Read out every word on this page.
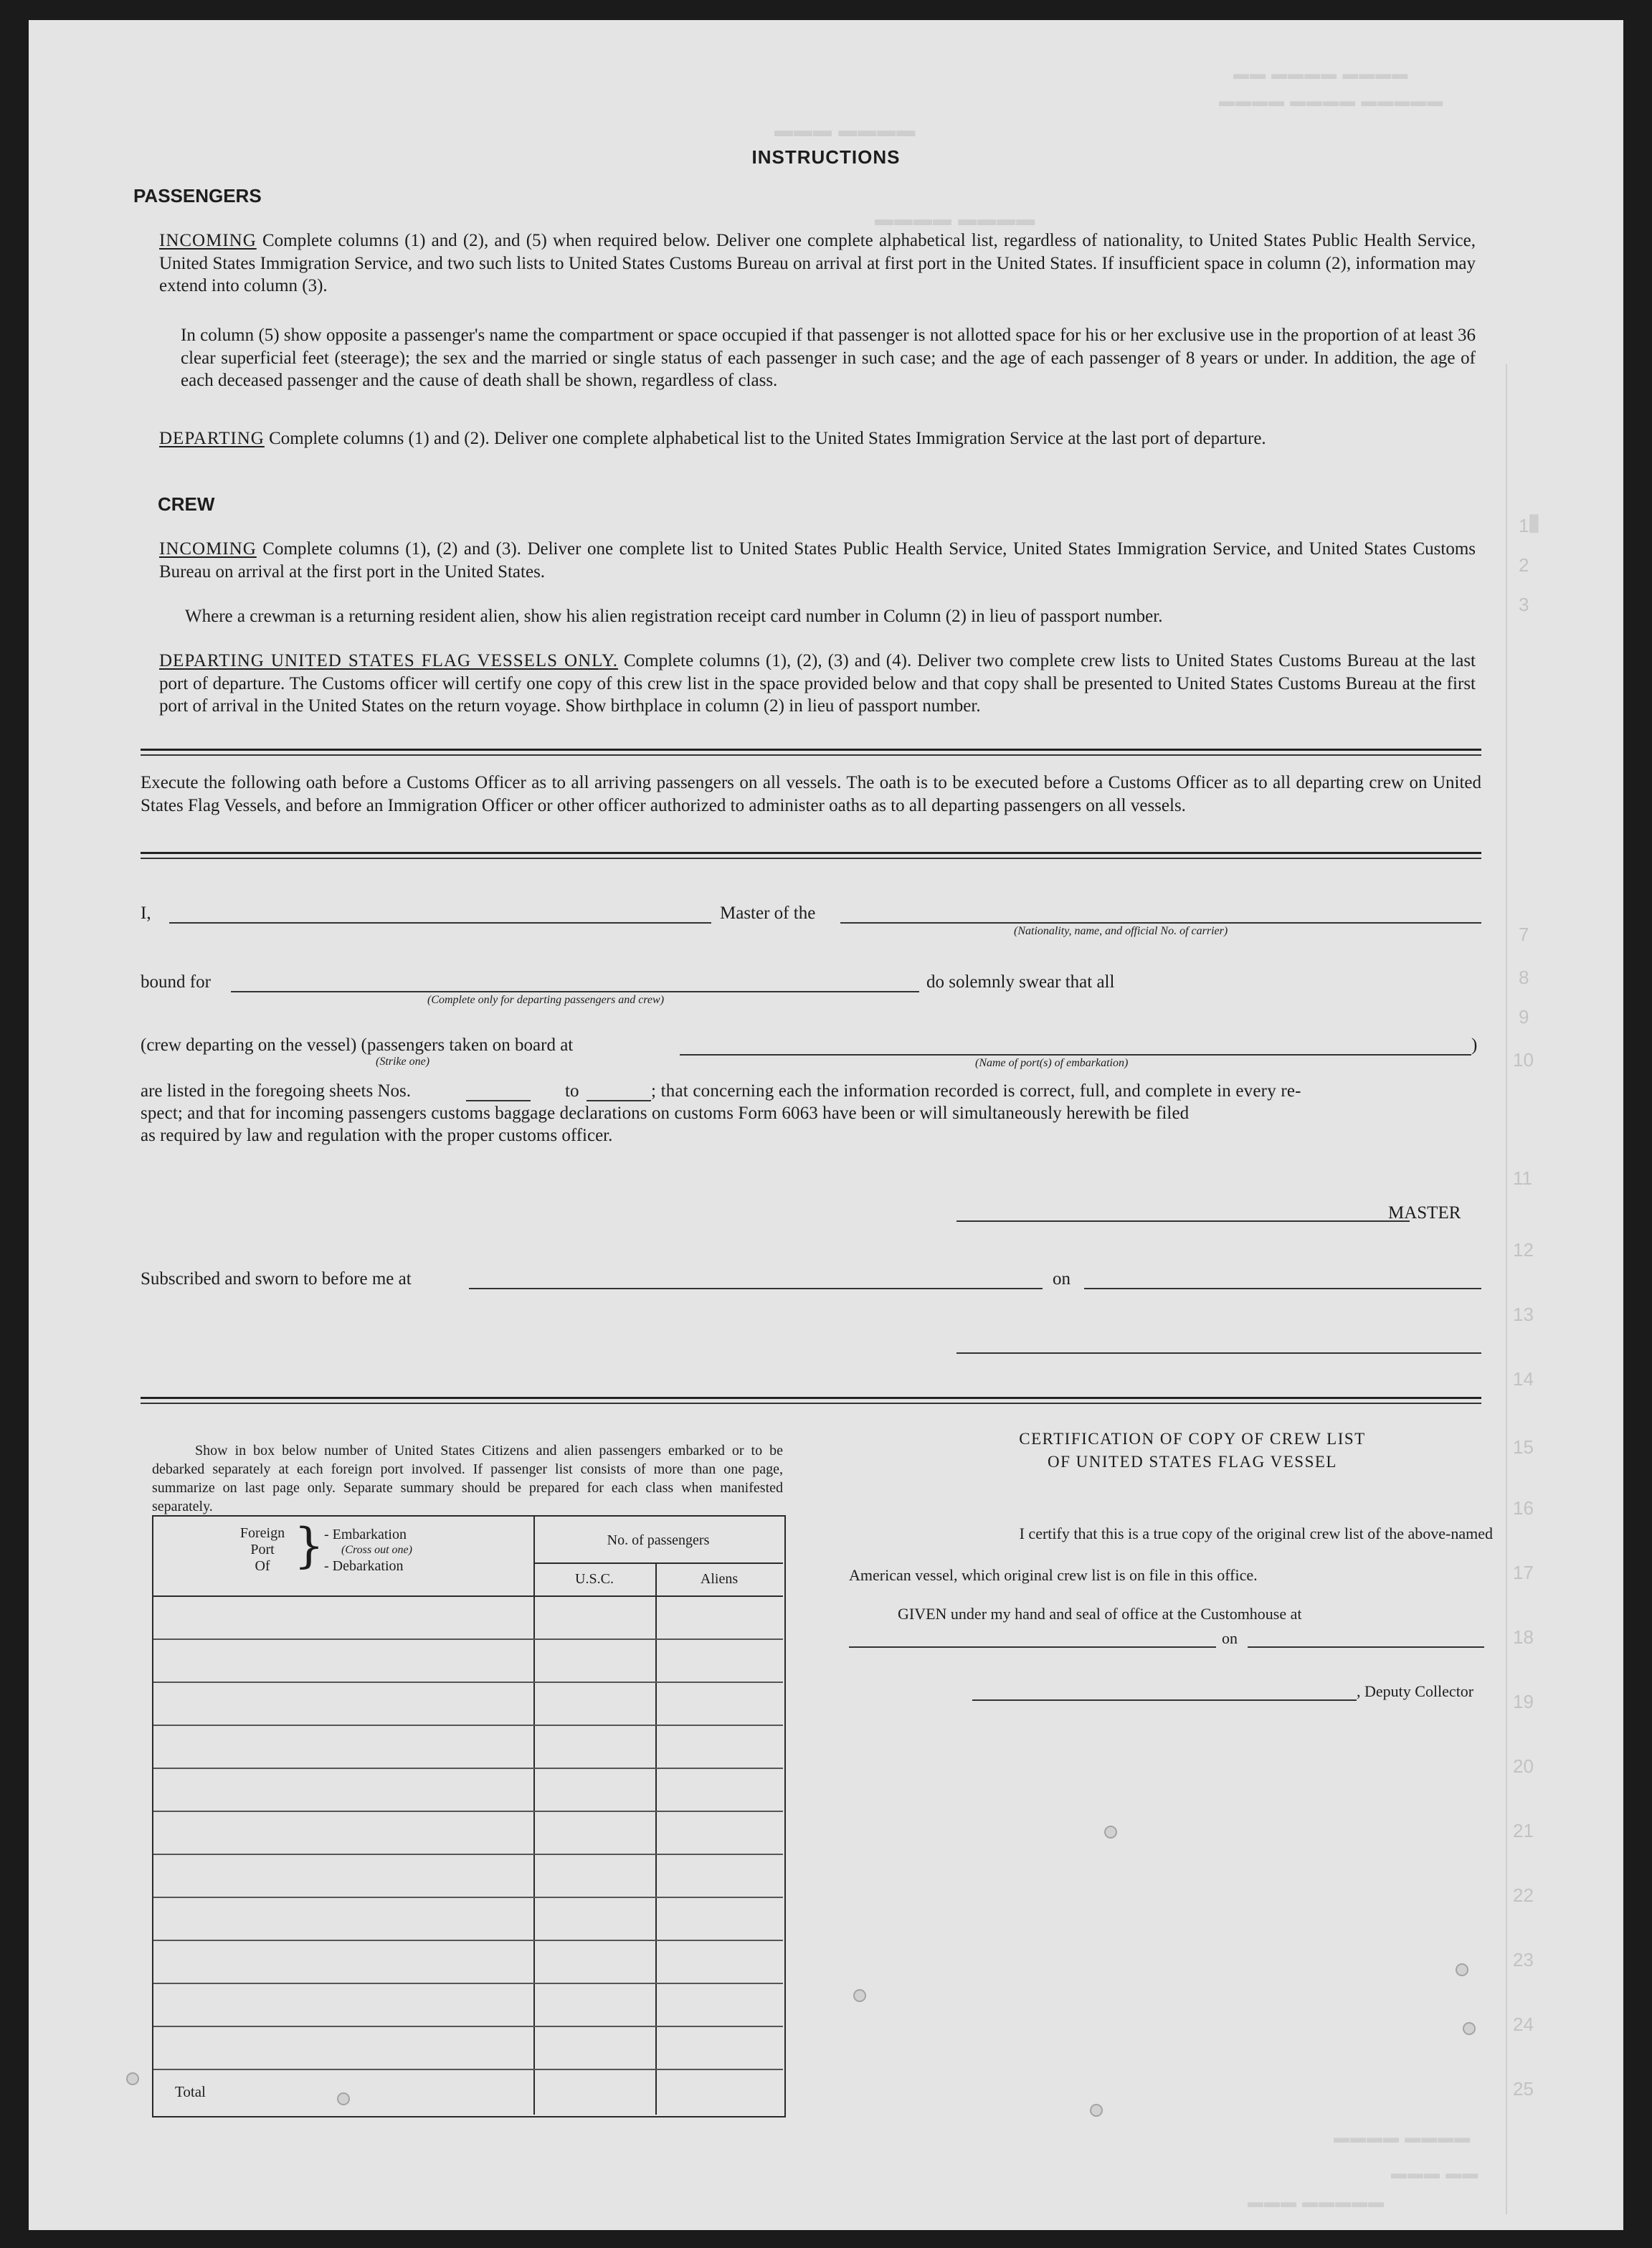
▬▬▬ ▬▬▬▬
▬▬ ▬▬▬▬ ▬▬▬▬
▬▬▬▬ ▬▬▬▬ ▬▬▬▬▬
▬▬▬▬ ▬▬▬▬
▮
1
2
3
7
8
9
10
11
12
13
14
15
16
17
18
19
20
21
22
23
24
25
INSTRUCTIONS
PASSENGERS
INCOMING Complete columns (1) and (2), and (5) when required below. Deliver one complete alphabetical list, regardless of nationality, to United States Public Health Service, United States Immigration Service, and two such lists to United States Customs Bureau on arrival at first port in the United States. If insufficient space in column (2), information may extend into column (3).
In column (5) show opposite a passenger's name the compartment or space occupied if that passenger is not allotted space for his or her exclusive use in the proportion of at least 36 clear superficial feet (steerage); the sex and the married or single status of each passenger in such case; and the age of each passenger of 8 years or under. In addition, the age of each deceased passenger and the cause of death shall be shown, regardless of class.
DEPARTING Complete columns (1) and (2). Deliver one complete alphabetical list to the United States Immigration Service at the last port of departure.
CREW
INCOMING Complete columns (1), (2) and (3). Deliver one complete list to United States Public Health Service, United States Immigration Service, and United States Customs Bureau on arrival at the first port in the United States.
Where a crewman is a returning resident alien, show his alien registration receipt card number in Column (2) in lieu of passport number.
DEPARTING UNITED STATES FLAG VESSELS ONLY. Complete columns (1), (2), (3) and (4). Deliver two complete crew lists to United States Customs Bureau at the last port of departure. The Customs officer will certify one copy of this crew list in the space provided below and that copy shall be presented to United States Customs Bureau at the first port of arrival in the United States on the return voyage. Show birthplace in column (2) in lieu of passport number.
Execute the following oath before a Customs Officer as to all arriving passengers on all vessels. The oath is to be executed before a Customs Officer as to all departing crew on United States Flag Vessels, and before an Immigration Officer or other officer authorized to administer oaths as to all departing passengers on all vessels.
I,	Master of the
(Nationality, name, and official No. of carrier)
bound for
(Complete only for departing passengers and crew)
do solemnly swear that all
(crew departing on the vessel) (passengers taken on board at
(Strike one)	(Name of port(s) of embarkation)
)
are listed in the foregoing sheets Nos.	to	; that concerning each the information recorded is correct, full, and complete in every re-
spect; and that for incoming passengers customs baggage declarations on customs Form 6063 have been or will simultaneously herewith be filed
as required by law and regulation with the proper customs officer.
MASTER
Subscribed and sworn to before me at	on
Show in box below number of United States Citizens and alien passengers embarked or to be debarked separately at each foreign port involved. If passenger list consists of more than one page, summarize on last page only. Separate summary should be prepared for each class when manifested separately.
Foreign
Port
Of } - Embarkation
(Cross out one)
- Debarkation
No. of passengers
U.S.C.	Aliens
Total
CERTIFICATION OF COPY OF CREW LIST
OF UNITED STATES FLAG VESSEL
I certify that this is a true copy of the original crew list of the above-named
American vessel, which original crew list is on file in this office.
GIVEN under my hand and seal of office at the Customhouse at
on
, Deputy Collector
▬▬▬▬ ▬▬▬▬
▬▬▬ ▬▬
▬▬▬ ▬▬▬▬▬
